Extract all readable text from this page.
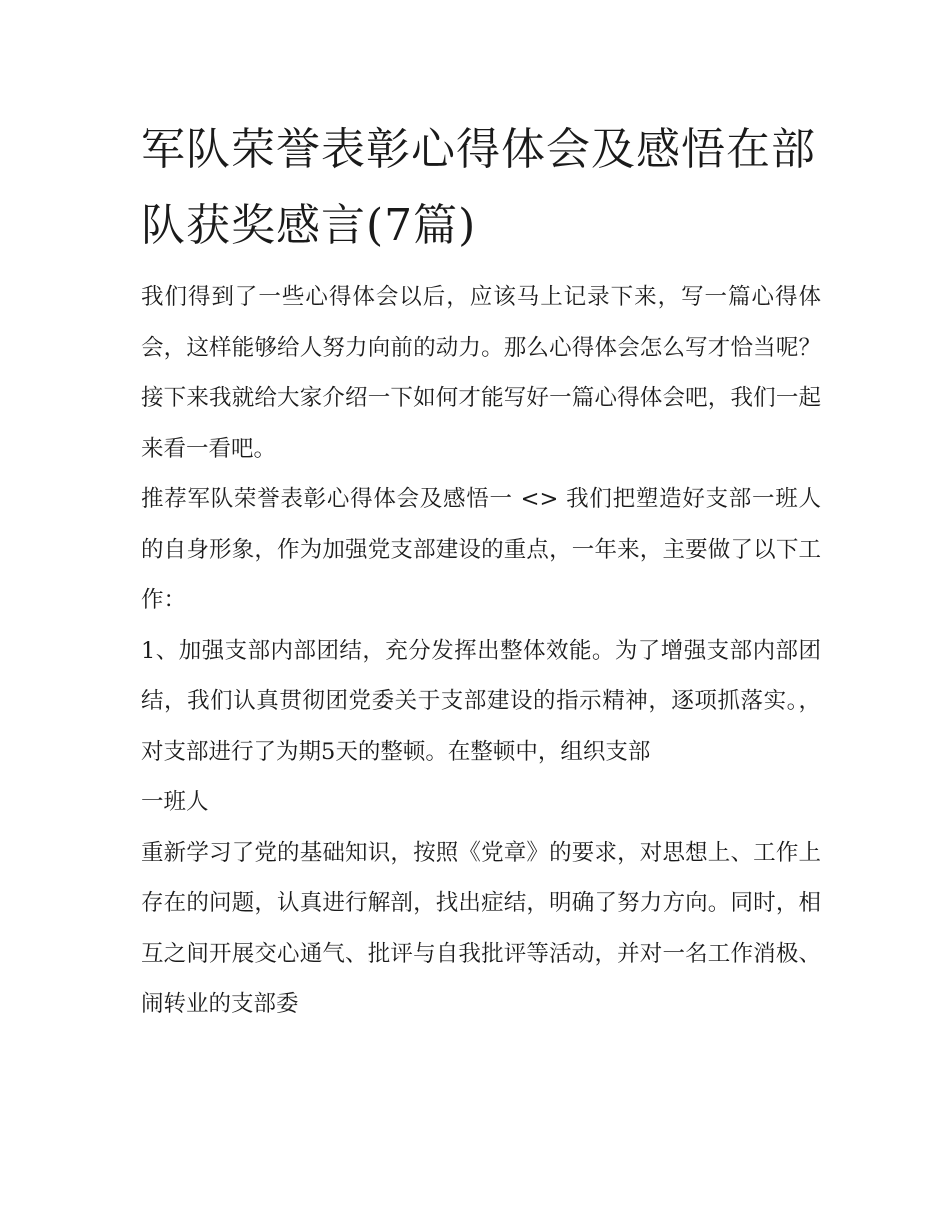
军队荣誉表彰心得体会及感悟在部队获奖感言(7篇)

我们得到了一些心得体会以后，应该马上记录下来，写一篇心得体会，这样能够给人努力向前的动力。那么心得体会怎么写才恰当呢？接下来我就给大家介绍一下如何才能写好一篇心得体会吧，我们一起来看一看吧。

推荐军队荣誉表彰心得体会及感悟一 <> 我们把塑造好支部一班人的自身形象，作为加强党支部建设的重点，一年来，主要做了以下工作：

1、加强支部内部团结，充分发挥出整体效能。为了增强支部内部团结，我们认真贯彻团党委关于支部建设的指示精神，逐项抓落实。，对支部进行了为期5天的整顿。在整顿中，组织支部

一班人

重新学习了党的基础知识，按照《党章》的要求，对思想上、工作上存在的问题，认真进行解剖，找出症结，明确了努力方向。同时，相互之间开展交心通气、批评与自我批评等活动，并对一名工作消极、闹转业的支部委
